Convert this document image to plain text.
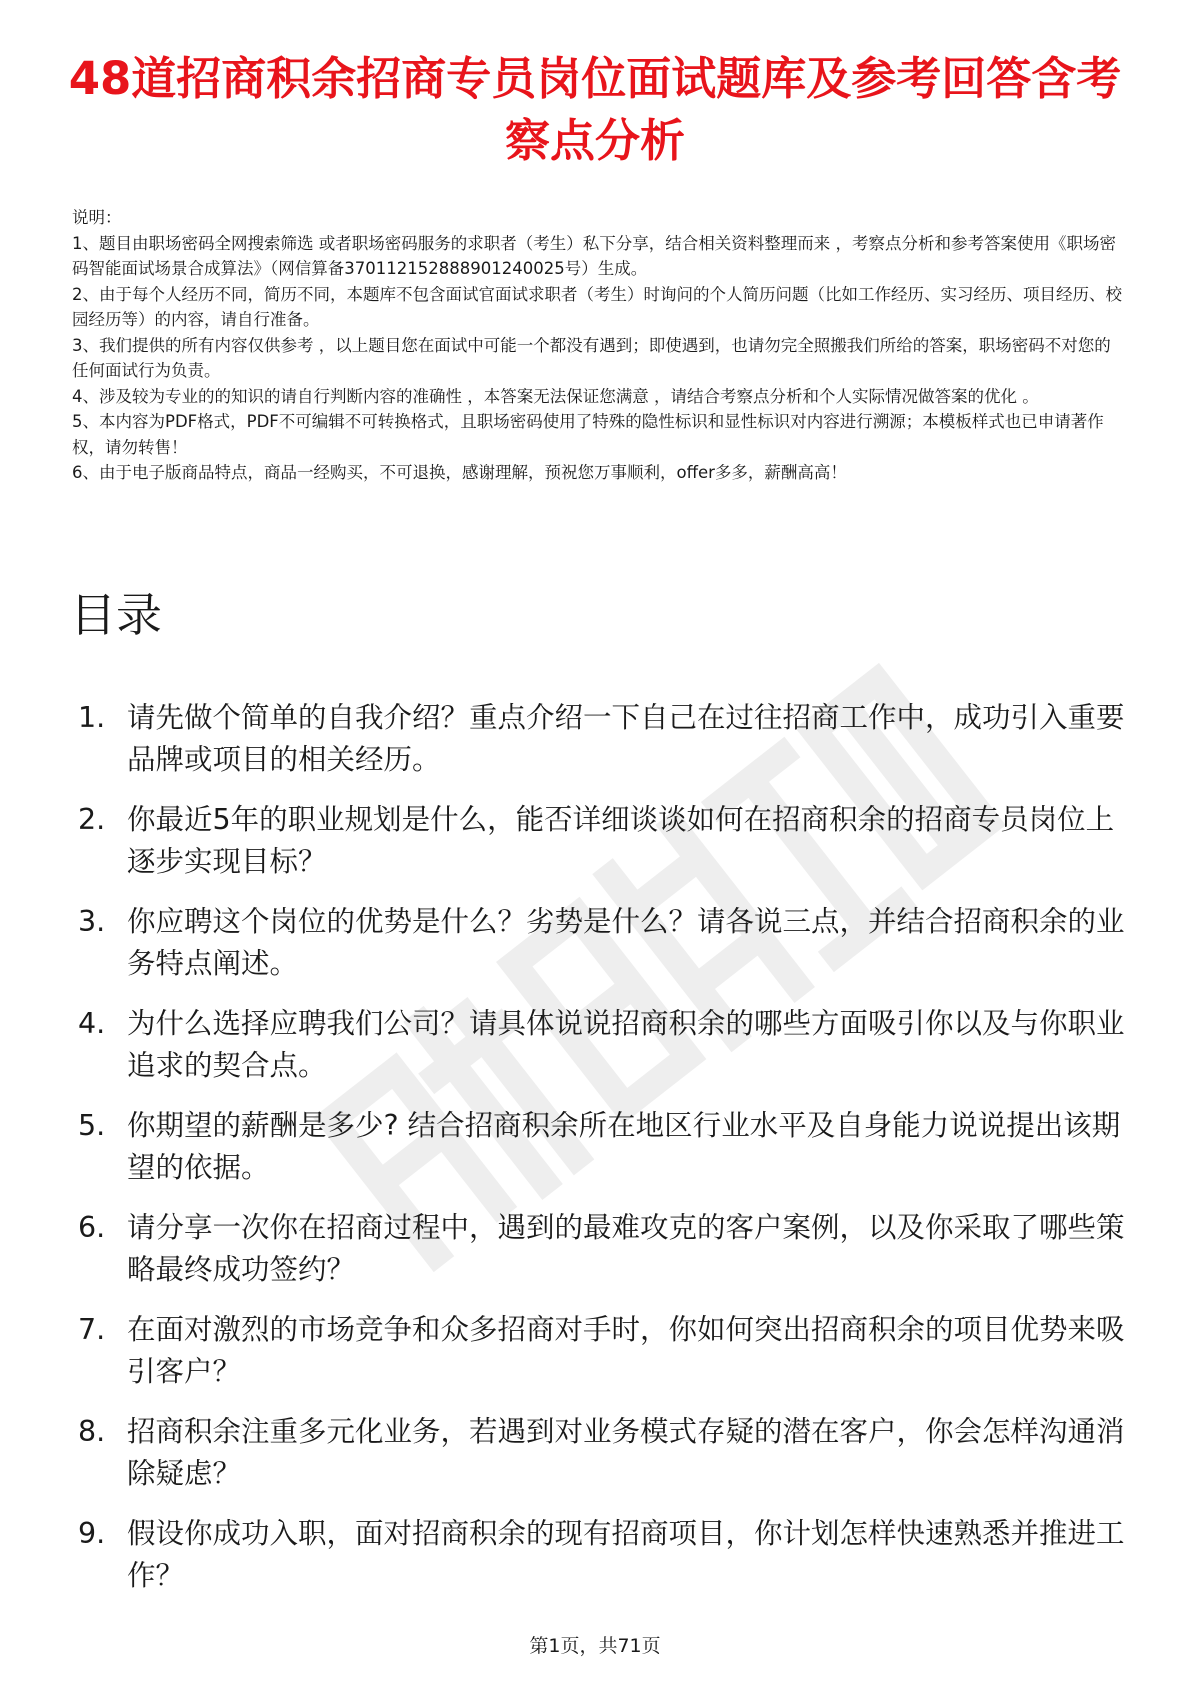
48道招商积余招商专员岗位面试题库及参考回答含考察点分析

说明：

1、题目由职场密码全网搜索筛选 或者职场密码服务的求职者（考生）私下分享，结合相关资料整理而来 ，考察点分析和参考答案使用《职场密码智能面试场景合成算法》（网信算备370112152888901240025号）生成。

2、由于每个人经历不同，简历不同，本题库不包含面试官面试求职者（考生）时询问的个人简历问题（比如工作经历、实习经历、项目经历、校园经历等）的内容，请自行准备。

3、我们提供的所有内容仅供参考 ，以上题目您在面试中可能一个都没有遇到；即使遇到，也请勿完全照搬我们所给的答案，职场密码不对您的任何面试行为负责。

4、涉及较为专业的的知识的请自行判断内容的准确性 ，本答案无法保证您满意 ，请结合考察点分析和个人实际情况做答案的优化 。

5、本内容为PDF格式，PDF不可编辑不可转换格式，且职场密码使用了特殊的隐性标识和显性标识对内容进行溯源；本模板样式也已申请著作权，请勿转售！

6、由于电子版商品特点，商品一经购买，不可退换，感谢理解，预祝您万事顺利，offer多多，薪酬高高！

目录
1. 请先做个简单的自我介绍？重点介绍一下自己在过往招商工作中，成功引入重要品牌或项目的相关经历。
2. 你最近5年的职业规划是什么，能否详细谈谈如何在招商积余的招商专员岗位上逐步实现目标？
3. 你应聘这个岗位的优势是什么？劣势是什么？请各说三点，并结合招商积余的业务特点阐述。
4. 为什么选择应聘我们公司？请具体说说招商积余的哪些方面吸引你以及与你职业追求的契合点。
5. 你期望的薪酬是多少? 结合招商积余所在地区行业水平及自身能力说说提出该期望的依据。
6. 请分享一次你在招商过程中，遇到的最难攻克的客户案例，以及你采取了哪些策略最终成功签约？
7. 在面对激烈的市场竞争和众多招商对手时，你如何突出招商积余的项目优势来吸引客户？
8. 招商积余注重多元化业务，若遇到对业务模式存疑的潜在客户，你会怎样沟通消除疑虑？
9. 假设你成功入职，面对招商积余的现有招商项目，你计划怎样快速熟悉并推进工作？
第1页，共71页
